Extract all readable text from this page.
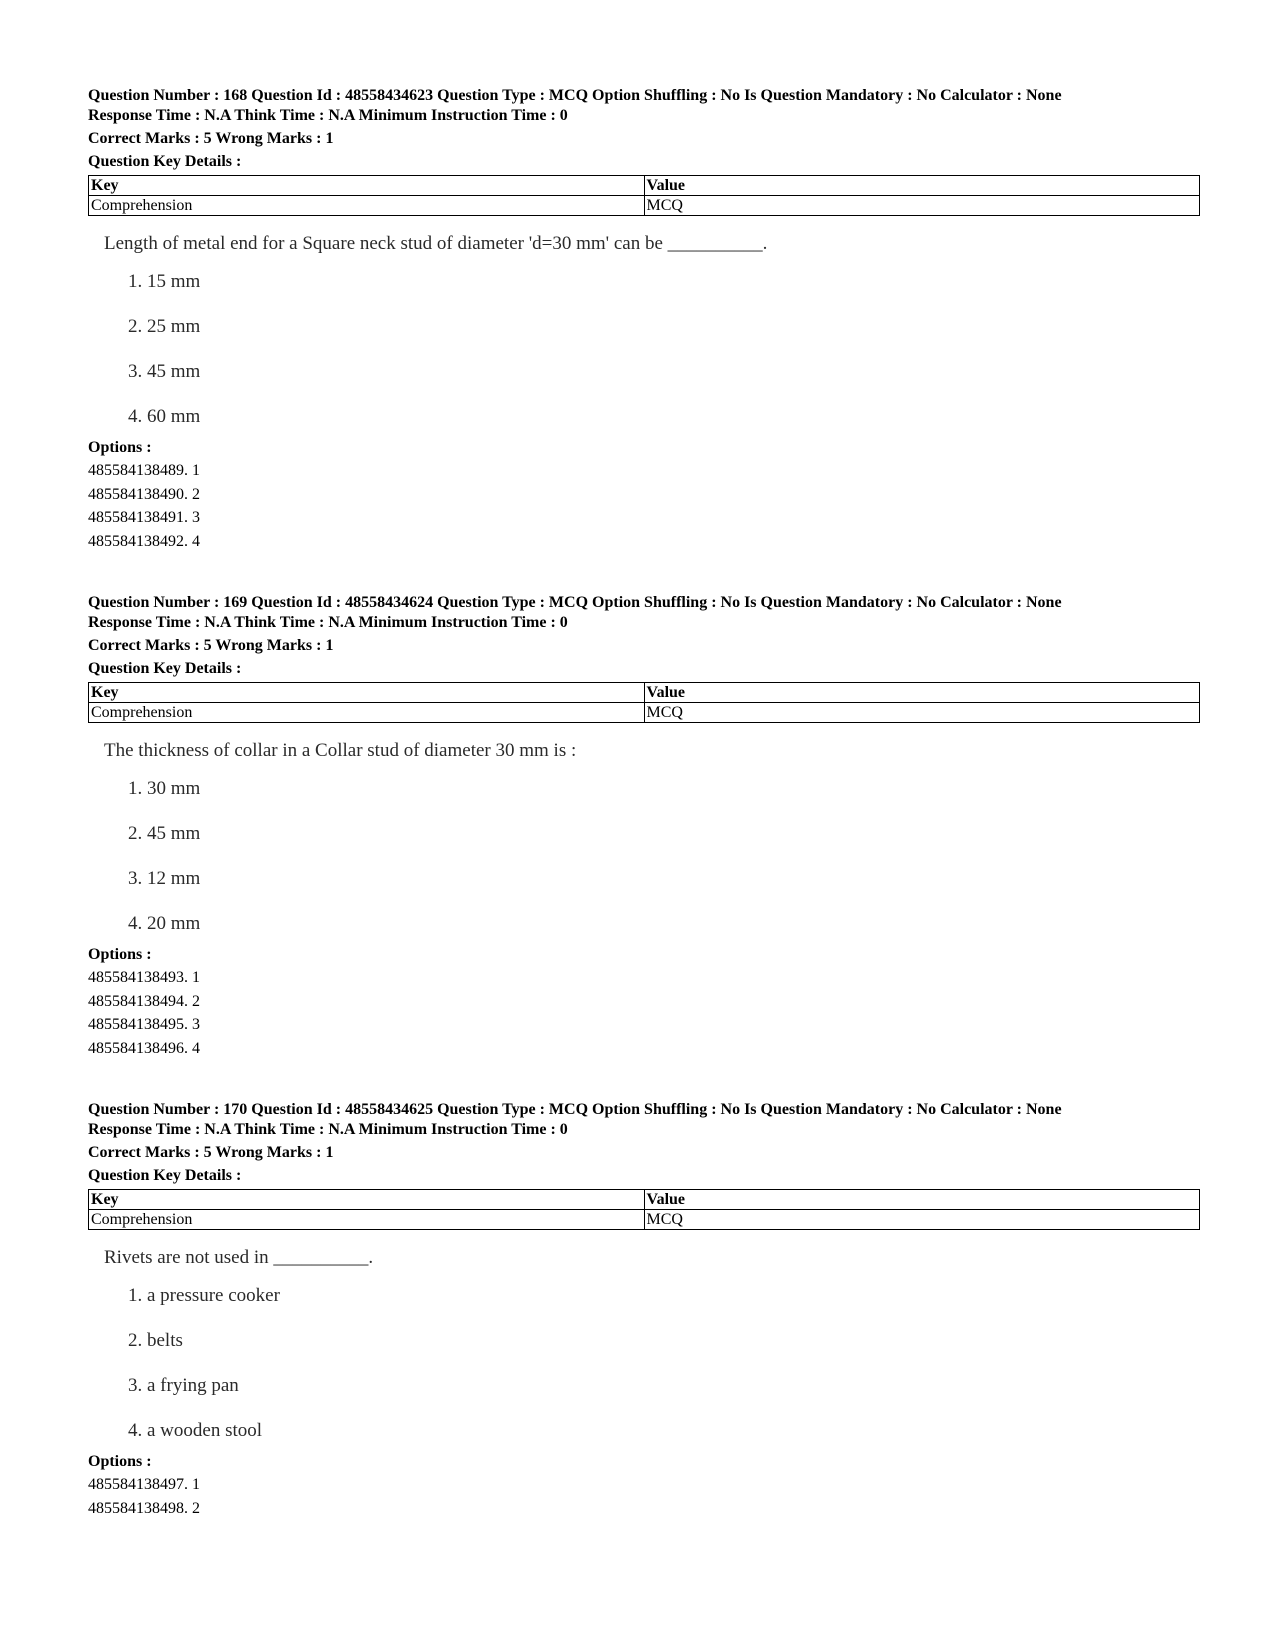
Question Number : 168 Question Id : 48558434623 Question Type : MCQ Option Shuffling : No Is Question Mandatory : No Calculator : None
Response Time : N.A Think Time : N.A Minimum Instruction Time : 0
Correct Marks : 5 Wrong Marks : 1
Question Key Details :
Key	Value
Comprehension	MCQ
Length of metal end for a Square neck stud of diameter 'd=30 mm' can be __________.
1. 15 mm
2. 25 mm
3. 45 mm
4. 60 mm
Options :
485584138489. 1
485584138490. 2
485584138491. 3
485584138492. 4
Question Number : 169 Question Id : 48558434624 Question Type : MCQ Option Shuffling : No Is Question Mandatory : No Calculator : None
Response Time : N.A Think Time : N.A Minimum Instruction Time : 0
Correct Marks : 5 Wrong Marks : 1
Question Key Details :
Key	Value
Comprehension	MCQ
The thickness of collar in a Collar stud of diameter 30 mm is :
1. 30 mm
2. 45 mm
3. 12 mm
4. 20 mm
Options :
485584138493. 1
485584138494. 2
485584138495. 3
485584138496. 4
Question Number : 170 Question Id : 48558434625 Question Type : MCQ Option Shuffling : No Is Question Mandatory : No Calculator : None
Response Time : N.A Think Time : N.A Minimum Instruction Time : 0
Correct Marks : 5 Wrong Marks : 1
Question Key Details :
Key	Value
Comprehension	MCQ
Rivets are not used in __________.
1. a pressure cooker
2. belts
3. a frying pan
4. a wooden stool
Options :
485584138497. 1
485584138498. 2
